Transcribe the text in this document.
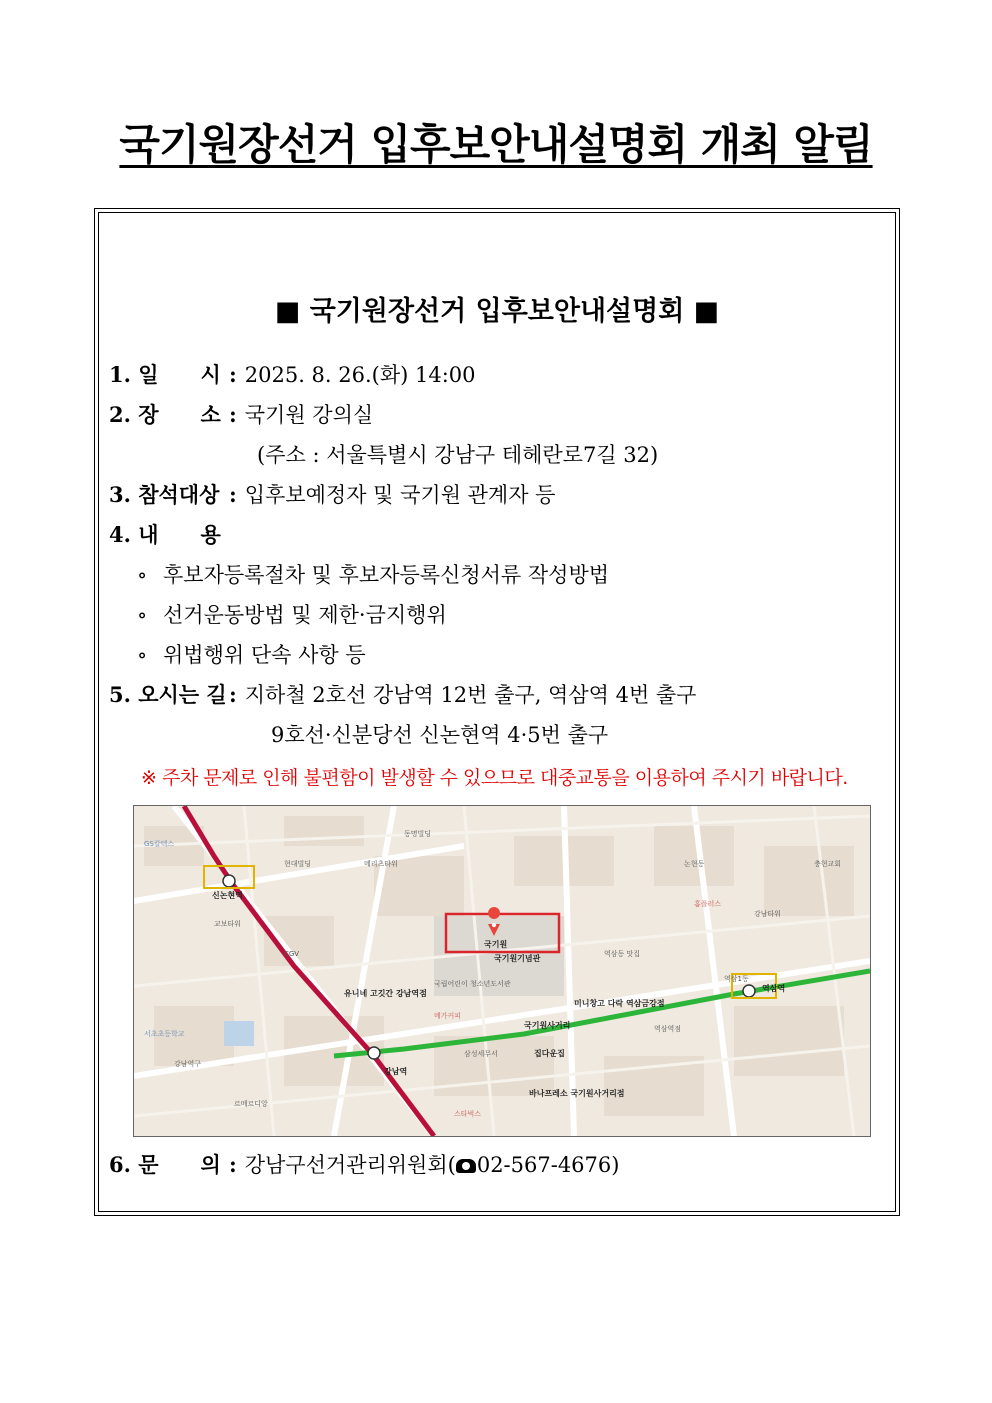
국기원장선거 입후보안내설명회 개최 알림
■ 국기원장선거 입후보안내설명회 ■
1. 일　　시 : 2025. 8. 26.(화) 14:00
2. 장　　소 : 국기원 강의실
(주소 : 서울특별시 강남구 테헤란로7길 32)
3. 참석대상 : 입후보예정자 및 국기원 관계자 등
4. 내　　용
∘ 후보자등록절차 및 후보자등록신청서류 작성방법
∘ 선거운동방법 및 제한·금지행위
∘ 위법행위 단속 사항 등
5. 오시는 길 : 지하철 2호선 강남역 12번 출구, 역삼역 4번 출구
9호선·신분당선 신논현역 4·5번 출구
※ 주차 문제로 인해 불편함이 발생할 수 있으므로 대중교통을 이용하여 주시기 바랍니다.
신논현역
강남역
역삼역
역삼1동
GS칼텍스
서초초등학교
CGV
유니네 고깃간 강남역점
메가커피
국립어린이 청소년도서관
국기원기념관	역삼동 맛집
미니창고 다락 역삼금강점
국기원사거리
집다운집
바나프레소 국기원사거리점
삼성세무서
스타벅스
충현교회
논현동
동명빌딩
현대빌딩
교보타워
홈플러스
강남타워
르메르디앙
강남역구
역삼역점
메리츠타워
국기원
6. 문　　의 : 강남구선거관리위원회( 02-567-4676)
